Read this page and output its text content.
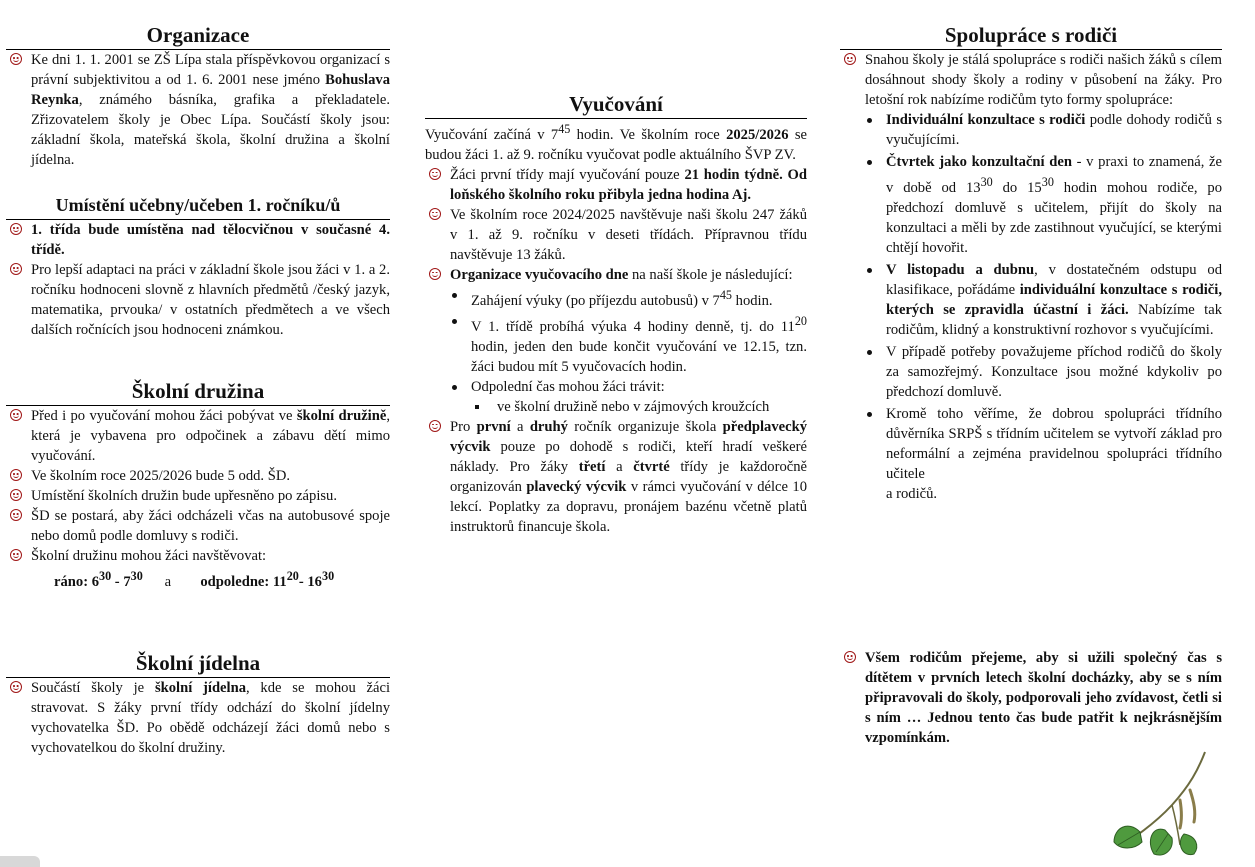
Organizace

Ke dni 1. 1. 2001 se ZŠ Lípa stala příspěvkovou organizací s právní subjektivitou a od 1. 6. 2001 nese jméno Bohuslava Reynka, známého básníka, grafika a překladatele. Zřizovatelem školy je Obec Lípa. Součástí školy jsou: základní škola, mateřská škola, školní družina a školní jídelna.

Umístění učebny/učeben 1. ročníku/ů

1. třída bude umístěna nad tělocvičnou v současné 4. třídě.

Pro lepší adaptaci na práci v základní škole jsou žáci v 1. a 2. ročníku hodnoceni slovně z hlavních předmětů /český jazyk, matematika, prvouka/ v ostatních předmětech a ve všech dalších ročnících jsou hodnoceni známkou.

Školní družina

Před i po vyučování mohou žáci pobývat ve školní družině, která je vybavena pro odpočinek a zábavu dětí mimo vyučování.

Ve školním roce 2025/2026 bude 5 odd. ŠD.

Umístění školních družin bude upřesněno po zápisu.

ŠD se postará, aby žáci odcházeli včas na autobusové spoje nebo domů podle domluvy s rodiči.

Školní družinu mohou žáci navštěvovat:

ráno: $6^{30} - 7^{30}$ a odpoledne: $11^{20}-$ $16^{30}$

Školní jídelna

Součástí školy je školní jídelna, kde se mohou žáci stravovat. S žáky první třídy odchází do školní jídelny vychovatelka ŠD. Po obědě odcházejí žáci domů nebo s vychovatelkou do školní družiny.

Vyučování

Vyučování začíná v $7^{45}$ hodin. Ve školním roce 2025/2026 se budou žáci 1. až 9. ročníku vyučovat podle aktuálního ŠVP ZV.

Žáci první třídy mají vyučování pouze 21 hodin týdně. Od loňského školního roku přibyla jedna hodina Aj.

Ve školním roce 2024/2025 navštěvuje naši školu 247 žáků v 1. až 9. ročníku v deseti třídách. Přípravnou třídu navštěvuje 13 žáků.

Organizace vyučovacího dne na naší škole je následující:

Zahájení výuky (po příjezdu autobusů) v $7^{45}$ hodin.

V 1. třídě probíhá výuka 4 hodiny denně, tj. do $11^{20}$ hodin, jeden den bude končit vyučování ve 12.15, tzn. žáci budou mít 5 vyučovacích hodin.

Odpolední čas mohou žáci trávit:

ve školní družině nebo v zájmových kroužcích

Pro první a druhý ročník organizuje škola předplavecký výcvik pouze po dohodě s rodiči, kteří hradí veškeré náklady. Pro žáky třetí a čtvrté třídy je každoročně organizován plavecký výcvik v rámci vyučování v délce 10 lekcí. Poplatky za dopravu, pronájem bazénu včetně platů instruktorů financuje škola.

Spolupráce s rodiči

Snahou školy je stálá spolupráce s rodiči našich žáků s cílem dosáhnout shody školy a rodiny v působení na žáky. Pro letošní rok nabízíme rodičům tyto formy spolupráce:

Individuální konzultace s rodiči podle dohody rodičů s vyučujícími.

Čtvrtek jako konzultační den - v praxi to znamená, že v době od $13^{30}$ do $15^{30}$ hodin mohou rodiče, po předchozí domluvě s učitelem, přijít do školy na konzultaci a měli by zde zastihnout vyučující, se kterými chtějí hovořit.

V listopadu a dubnu, v dostatečném odstupu od klasifikace, pořádáme individuální konzultace s rodiči, kterých se zpravidla účastní i žáci. Nabízíme tak rodičům, klidný a konstruktivní rozhovor s vyučujícími.

V případě potřeby považujeme příchod rodičů do školy za samozřejmý. Konzultace jsou možné kdykoliv po předchozí domluvě.

Kromě toho věříme, že dobrou spolupráci třídního důvěrníka SRPŠ s třídním učitelem se vytvoří základ pro neformální a zejména pravidelnou spolupráci třídního učitele

a rodičů.

Všem rodičům přejeme, aby si užili společný čas s dítětem v prvních letech školní docházky, aby se s ním připravovali do školy, podporovali jeho zvídavost, četli si s ním … Jednou tento čas bude patřit k nejkrásnějším vzpomínkám.
